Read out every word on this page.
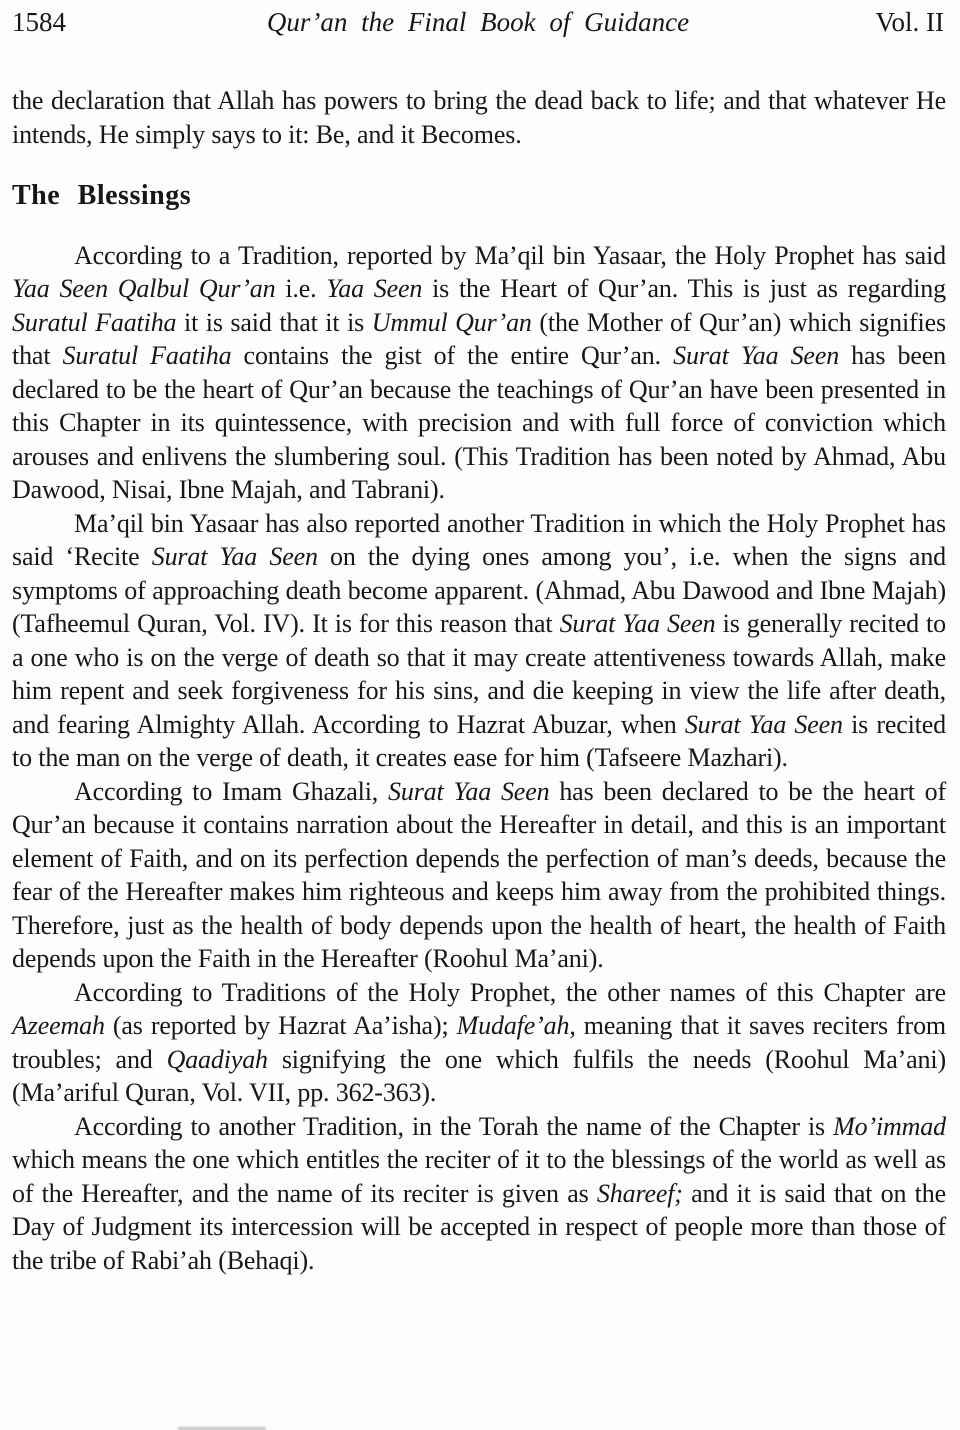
1584	Qur’an the Final Book of Guidance	Vol. II

the declaration that Allah has powers to bring the dead back to life; and that whatever He intends, He simply says to it: Be, and it Becomes.

The Blessings

According to a Tradition, reported by Ma’qil bin Yasaar, the Holy Prophet has said Yaa Seen Qalbul Qur’an i.e. Yaa Seen is the Heart of Qur’an. This is just as regarding Suratul Faatiha it is said that it is Ummul Qur’an (the Mother of Qur’an) which signifies that Suratul Faatiha contains the gist of the entire Qur’an. Surat Yaa Seen has been declared to be the heart of Qur’an because the teachings of Qur’an have been presented in this Chapter in its quintessence, with precision and with full force of conviction which arouses and enlivens the slumbering soul. (This Tradition has been noted by Ahmad, Abu Dawood, Nisai, Ibne Majah, and Tabrani).

Ma’qil bin Yasaar has also reported another Tradition in which the Holy Prophet has said ‘Recite Surat Yaa Seen on the dying ones among you’, i.e. when the signs and symptoms of approaching death become apparent. (Ahmad, Abu Dawood and Ibne Majah) (Tafheemul Quran, Vol. IV). It is for this reason that Surat Yaa Seen is generally recited to a one who is on the verge of death so that it may create attentiveness towards Allah, make him repent and seek forgiveness for his sins, and die keeping in view the life after death, and fearing Almighty Allah. According to Hazrat Abuzar, when Surat Yaa Seen is recited to the man on the verge of death, it creates ease for him (Tafseere Mazhari).

According to Imam Ghazali, Surat Yaa Seen has been declared to be the heart of Qur’an because it contains narration about the Hereafter in detail, and this is an important element of Faith, and on its perfection depends the perfection of man’s deeds, because the fear of the Hereafter makes him righteous and keeps him away from the prohibited things. Therefore, just as the health of body depends upon the health of heart, the health of Faith depends upon the Faith in the Hereafter (Roohul Ma’ani).

According to Traditions of the Holy Prophet, the other names of this Chapter are Azeemah (as reported by Hazrat Aa’isha); Mudafe’ah, meaning that it saves reciters from troubles; and Qaadiyah signifying the one which fulfils the needs (Roohul Ma’ani) (Ma’ariful Quran, Vol. VII, pp. 362-363).

According to another Tradition, in the Torah the name of the Chapter is Mo’immad which means the one which entitles the reciter of it to the blessings of the world as well as of the Hereafter, and the name of its reciter is given as Shareef; and it is said that on the Day of Judgment its intercession will be accepted in respect of people more than those of the tribe of Rabi’ah (Behaqi).
